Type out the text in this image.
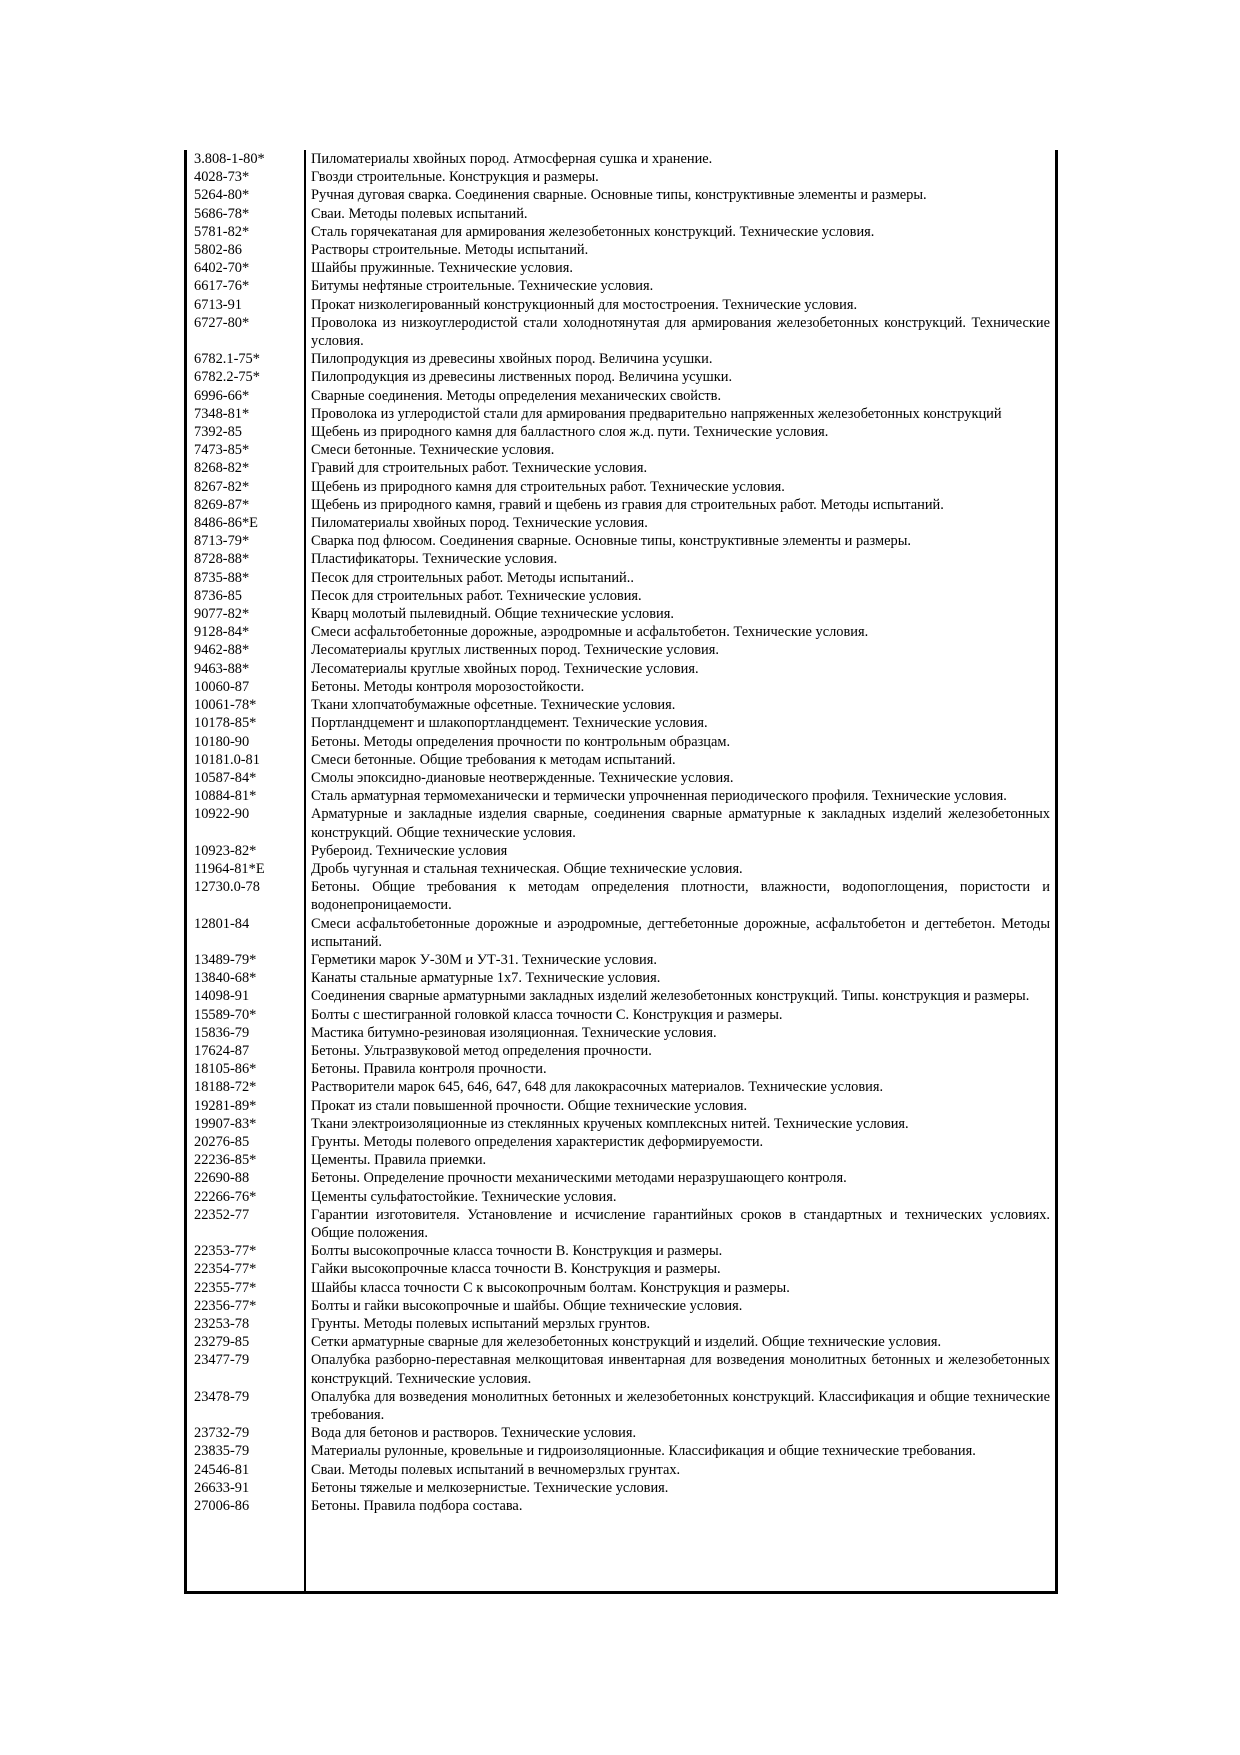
3.808-1-80*	Пиломатериалы хвойных пород. Атмосферная сушка и хранение.
4028-73*	Гвозди строительные. Конструкция и размеры.
5264-80*	Ручная дуговая сварка. Соединения сварные. Основные типы, конструктивные элементы и размеры.
5686-78*	Сваи. Методы полевых испытаний.
5781-82*	Сталь горячекатаная для армирования железобетонных конструкций. Технические условия.
5802-86	Растворы строительные. Методы испытаний.
6402-70*	Шайбы пружинные. Технические условия.
6617-76*	Битумы нефтяные строительные. Технические условия.
6713-91	Прокат низколегированный конструкционный для мостостроения. Технические условия.
6727-80*	Проволока из низкоуглеродистой стали холоднотянутая для армирования железобетонных конструкций. Технические условия.
6782.1-75*	Пилопродукция из древесины хвойных пород. Величина усушки.
6782.2-75*	Пилопродукция из древесины лиственных пород. Величина усушки.
6996-66*	Сварные соединения. Методы определения механических свойств.
7348-81*	Проволока из углеродистой стали для армирования предварительно напряженных железобетонных конструкций
7392-85	Щебень из природного камня для балластного слоя ж.д. пути. Технические условия.
7473-85*	Смеси бетонные. Технические условия.
8268-82*	Гравий для строительных работ. Технические условия.
8267-82*	Щебень из природного камня для строительных работ. Технические условия.
8269-87*	Щебень из природного камня, гравий и щебень из гравия для строительных работ. Методы испытаний.
8486-86*Е	Пиломатериалы хвойных пород. Технические условия.
8713-79*	Сварка под флюсом. Соединения сварные. Основные типы, конструктивные элементы и размеры.
8728-88*	Пластификаторы. Технические условия.
8735-88*	Песок для строительных работ. Методы испытаний..
8736-85	Песок для строительных работ. Технические условия.
9077-82*	Кварц молотый пылевидный. Общие технические условия.
9128-84*	Смеси асфальтобетонные дорожные, аэродромные и асфальтобетон. Технические условия.
9462-88*	Лесоматериалы круглых лиственных пород. Технические условия.
9463-88*	Лесоматериалы круглые хвойных пород. Технические условия.
10060-87	Бетоны. Методы контроля морозостойкости.
10061-78*	Ткани хлопчатобумажные офсетные. Технические условия.
10178-85*	Портландцемент и шлакопортландцемент. Технические условия.
10180-90	Бетоны. Методы определения прочности по контрольным образцам.
10181.0-81	Смеси бетонные. Общие требования к методам испытаний.
10587-84*	Смолы эпоксидно-диановые неотвержденные. Технические условия.
10884-81*	Сталь арматурная термомеханически и термически упрочненная периодического профиля. Технические условия.
10922-90	Арматурные и закладные изделия сварные, соединения сварные арматурные к закладных изделий железобетонных конструкций. Общие технические условия.
10923-82*	Рубероид. Технические условия
11964-81*Е	Дробь чугунная и стальная техническая. Общие технические условия.
12730.0-78	Бетоны. Общие требования к методам определения плотности, влажности, водопоглощения, пористости и водонепроницаемости.
12801-84	Смеси асфальтобетонные дорожные и аэродромные, дегтебетонные дорожные, асфальтобетон и дегтебетон. Методы испытаний.
13489-79*	Герметики марок У-30М и УТ-31. Технические условия.
13840-68*	Канаты стальные арматурные 1x7. Технические условия.
14098-91	Соединения сварные арматурными закладных изделий железобетонных конструкций. Типы. конструкция и размеры.
15589-70*	Болты с шестигранной головкой класса точности С. Конструкция и размеры.
15836-79	Мастика битумно-резиновая изоляционная. Технические условия.
17624-87	Бетоны. Ультразвуковой метод определения прочности.
18105-86*	Бетоны. Правила контроля прочности.
18188-72*	Растворители марок 645, 646, 647, 648 для лакокрасочных материалов. Технические условия.
19281-89*	Прокат из стали повышенной прочности. Общие технические условия.
19907-83*	Ткани электроизоляционные из стеклянных крученых комплексных нитей. Технические условия.
20276-85	Грунты. Методы полевого определения характеристик деформируемости.
22236-85*	Цементы. Правила приемки.
22690-88	Бетоны. Определение прочности механическими методами неразрушающего контроля.
22266-76*	Цементы сульфатостойкие. Технические условия.
22352-77	Гарантии изготовителя. Установление и исчисление гарантийных сроков в стандартных и технических условиях. Общие положения.
22353-77*	Болты высокопрочные класса точности В. Конструкция и размеры.
22354-77*	Гайки высокопрочные класса точности В. Конструкция и размеры.
22355-77*	Шайбы класса точности С к высокопрочным болтам. Конструкция и размеры.
22356-77*	Болты и гайки высокопрочные и шайбы. Общие технические условия.
23253-78	Грунты. Методы полевых испытаний мерзлых грунтов.
23279-85	Сетки арматурные сварные для железобетонных конструкций и изделий. Общие технические условия.
23477-79	Опалубка разборно-переставная мелкощитовая инвентарная для возведения монолитных бетонных и железобетонных конструкций. Технические условия.
23478-79	Опалубка для возведения монолитных бетонных и железобетонных конструкций. Классификация и общие технические требования.
23732-79	Вода для бетонов и растворов. Технические условия.
23835-79	Материалы рулонные, кровельные и гидроизоляционные. Классификация и общие технические требования.
24546-81	Сваи. Методы полевых испытаний в вечномерзлых грунтах.
26633-91	Бетоны тяжелые и мелкозернистые. Технические условия.
27006-86	Бетоны. Правила подбора состава.
